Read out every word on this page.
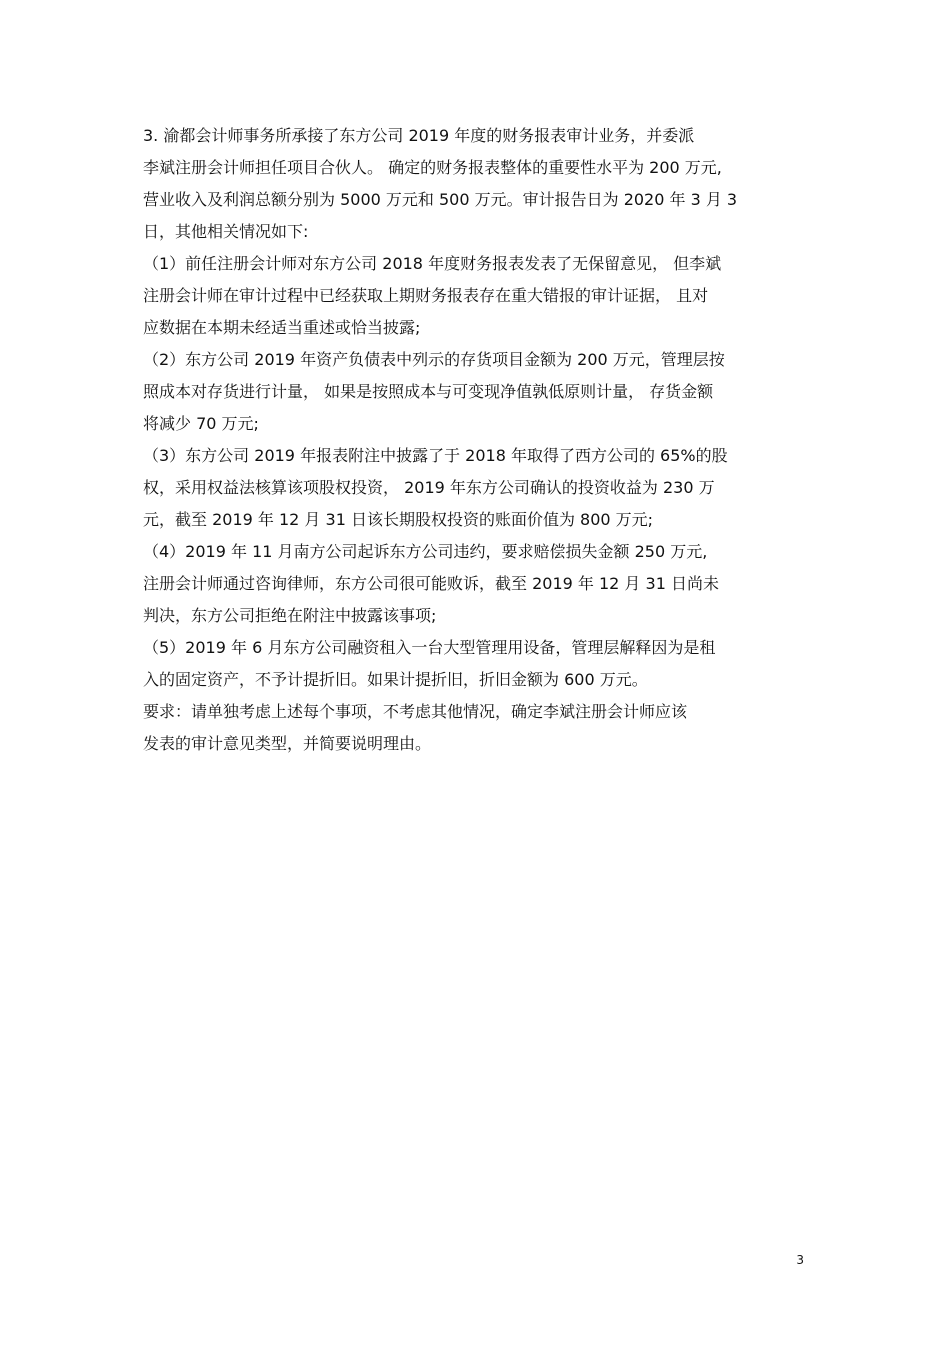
3. 渝都会计师事务所承接了东方公司 2019 年度的财务报表审计业务，并委派
李斌注册会计师担任项目合伙人。 确定的财务报表整体的重要性水平为 200 万元,
营业收入及利润总额分别为 5000 万元和 500 万元。审计报告日为 2020 年 3 月 3
日，其他相关情况如下:
（1）前任注册会计师对东方公司 2018 年度财务报表发表了无保留意见， 但李斌
注册会计师在审计过程中已经获取上期财务报表存在重大错报的审计证据， 且对
应数据在本期未经适当重述或恰当披露;
（2）东方公司 2019 年资产负债表中列示的存货项目金额为 200 万元，管理层按
照成本对存货进行计量， 如果是按照成本与可变现净值孰低原则计量， 存货金额
将减少 70 万元;
（3）东方公司 2019 年报表附注中披露了于 2018 年取得了西方公司的 65%的股
权，采用权益法核算该项股权投资， 2019 年东方公司确认的投资收益为 230 万
元，截至 2019 年 12 月 31 日该长期股权投资的账面价值为 800 万元;
（4）2019 年 11 月南方公司起诉东方公司违约，要求赔偿损失金额 250 万元,
注册会计师通过咨询律师，东方公司很可能败诉，截至 2019 年 12 月 31 日尚未
判决，东方公司拒绝在附注中披露该事项;
（5）2019 年 6 月东方公司融资租入一台大型管理用设备，管理层解释因为是租
入的固定资产，不予计提折旧。如果计提折旧，折旧金额为 600 万元。
要求：请单独考虑上述每个事项，不考虑其他情况，确定李斌注册会计师应该
发表的审计意见类型，并简要说明理由。
3
